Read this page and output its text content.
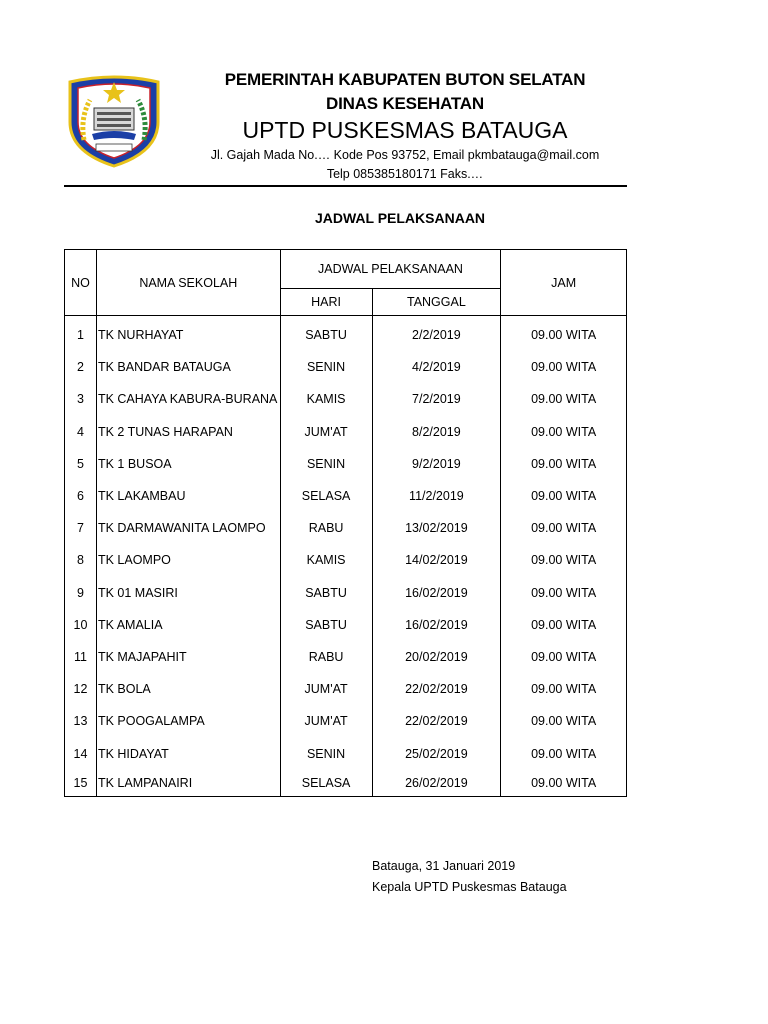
PEMERINTAH KABUPATEN BUTON SELATAN

DINAS KESEHATAN

UPTD PUSKESMAS BATAUGA

Jl. Gajah Mada No.… Kode Pos 93752, Email pkmbatauga@mail.com

Telp 085385180171 Faks.…

JADWAL PELAKSANAAN
NO	NAMA SEKOLAH	JADWAL PELAKSANAAN		JAM
		HARI	TANGGAL	
1	TK NURHAYAT	SABTU	2/2/2019	09.00 WITA
2	TK BANDAR BATAUGA	SENIN	4/2/2019	09.00 WITA
3	TK CAHAYA KABURA-BURANA	KAMIS	7/2/2019	09.00 WITA
4	TK 2 TUNAS HARAPAN	JUM'AT	8/2/2019	09.00 WITA
5	TK 1 BUSOA	SENIN	9/2/2019	09.00 WITA
6	TK LAKAMBAU	SELASA	11/2/2019	09.00 WITA
7	TK DARMAWANITA LAOMPO	RABU	13/02/2019	09.00 WITA
8	TK LAOMPO	KAMIS	14/02/2019	09.00 WITA
9	TK 01 MASIRI	SABTU	16/02/2019	09.00 WITA
10	TK AMALIA	SABTU	16/02/2019	09.00 WITA
11	TK MAJAPAHIT	RABU	20/02/2019	09.00 WITA
12	TK BOLA	JUM'AT	22/02/2019	09.00 WITA
13	TK POOGALAMPA	JUM'AT	22/02/2019	09.00 WITA
14	TK HIDAYAT	SENIN	25/02/2019	09.00 WITA
15	TK LAMPANAIRI	SELASA	26/02/2019	09.00 WITA
Batauga, 31 Januari 2019
Kepala UPTD Puskesmas Batauga
